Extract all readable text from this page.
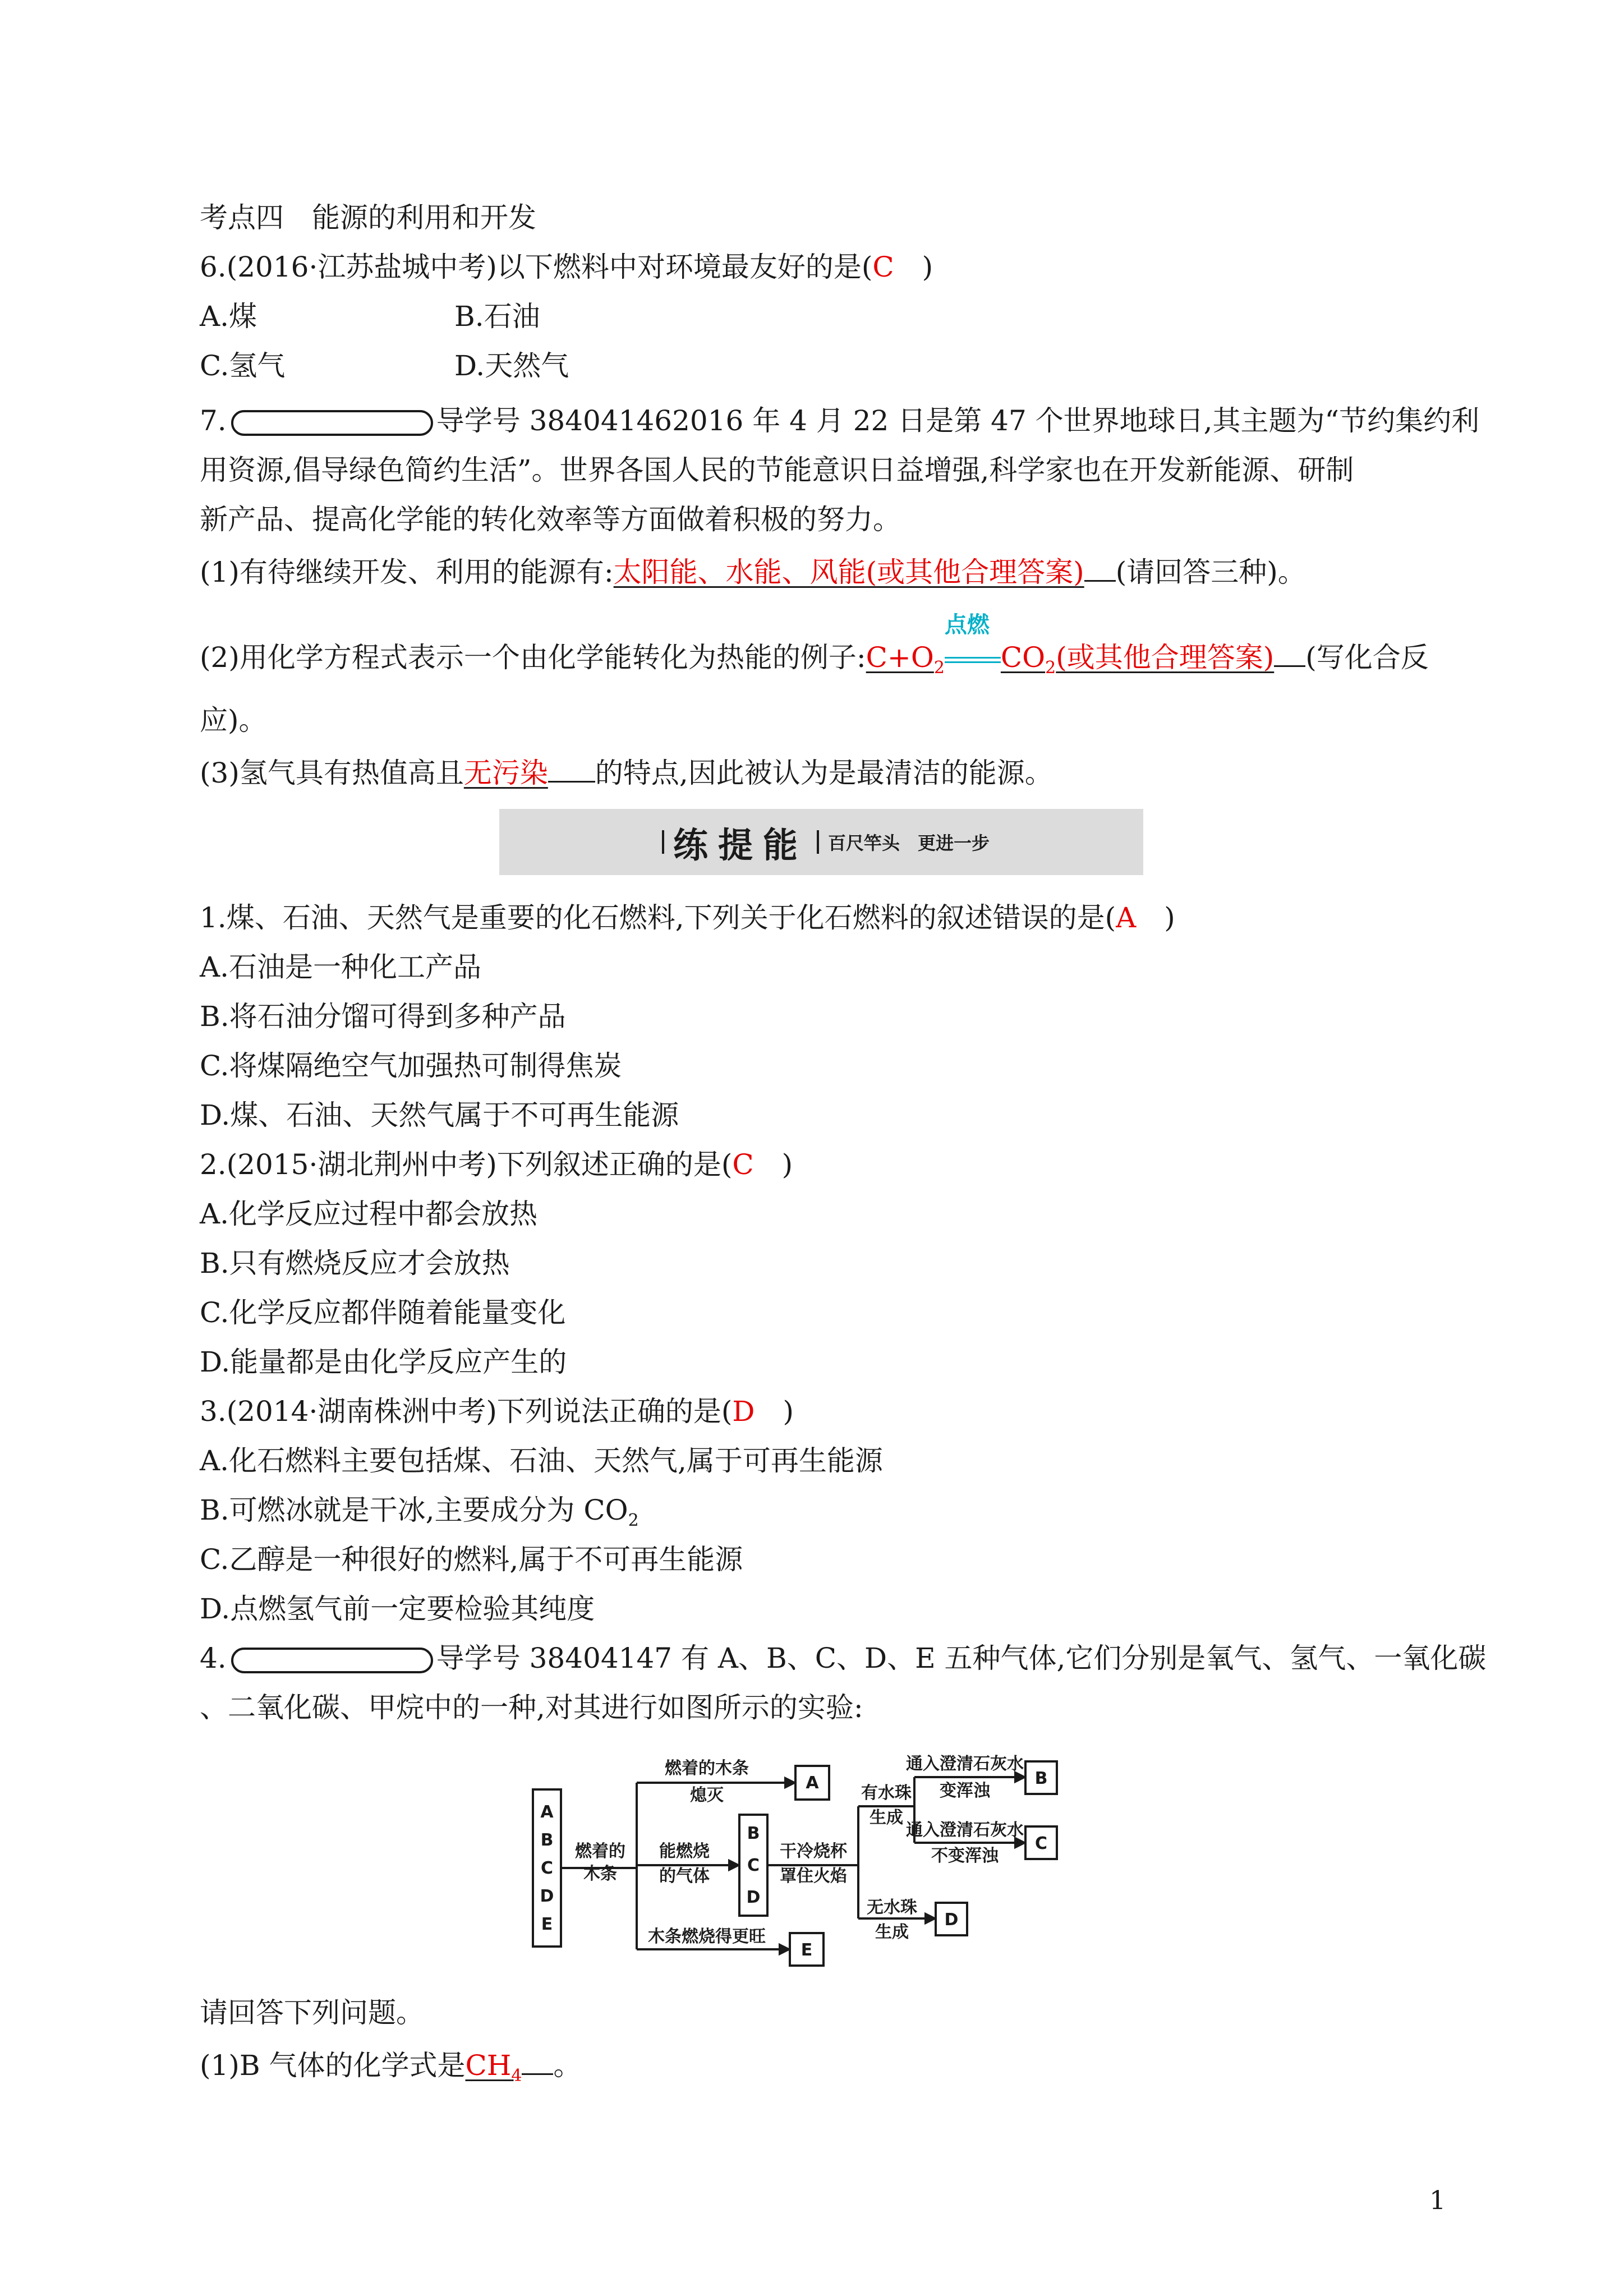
考点四　能源的利用和开发
6.(2016·江苏盐城中考)以下燃料中对环境最友好的是(C　)
A.煤	B.石油
C.氢气	D.天然气
7.	导学号 384041462016 年 4 月 22 日是第 47 个世界地球日,其主题为“节约集约利
用资源,倡导绿色简约生活”。世界各国人民的节能意识日益增强,科学家也在开发新能源、研制
新产品、提高化学能的转化效率等方面做着积极的努力。
(1)有待继续开发、利用的能源有:太阳能、水能、风能(或其他合理答案) (请回答三种)。
(2)用化学方程式表示一个由化学能转化为热能的例子$:C+O_2$
点燃
$CO_2$(或其他合理答案) (写化合反
应)。
(3)氢气具有热值高且无污染 的特点,因此被认为是最清洁的能源。
练提能 百尺竿头　更进一步
1.煤、石油、天然气是重要的化石燃料,下列关于化石燃料的叙述错误的是(A　)
A.石油是一种化工产品
B.将石油分馏可得到多种产品
C.将煤隔绝空气加强热可制得焦炭
D.煤、石油、天然气属于不可再生能源
2.(2015·湖北荆州中考)下列叙述正确的是(C　)
A.化学反应过程中都会放热
B.只有燃烧反应才会放热
C.化学反应都伴随着能量变化
D.能量都是由化学反应产生的
3.(2014·湖南株洲中考)下列说法正确的是(D　)
A.化石燃料主要包括煤、石油、天然气,属于可再生能源
B.可燃冰就是干冰,主要成分为 $CO_2$
C.乙醇是一种很好的燃料,属于不可再生能源
D.点燃氢气前一定要检验其纯度
4.	导学号 38404147 有 A、B、C、D、E 五种气体,它们分别是氧气、氢气、一氧化碳
、二氧化碳、甲烷中的一种,对其进行如图所示的实验:
A
B
C
D
E
燃着的
木条
燃着的木条
熄灭
A
能燃烧
的气体
B
C
D
干冷烧杯
罩住火焰
有水珠
生成
无水珠
生成
通入澄清石灰水
变浑浊
B
通入澄清石灰水
不变浑浊
C
D
木条燃烧得更旺
E
请回答下列问题。
(1)B 气体的化学式是$CH_4$ 。
1
